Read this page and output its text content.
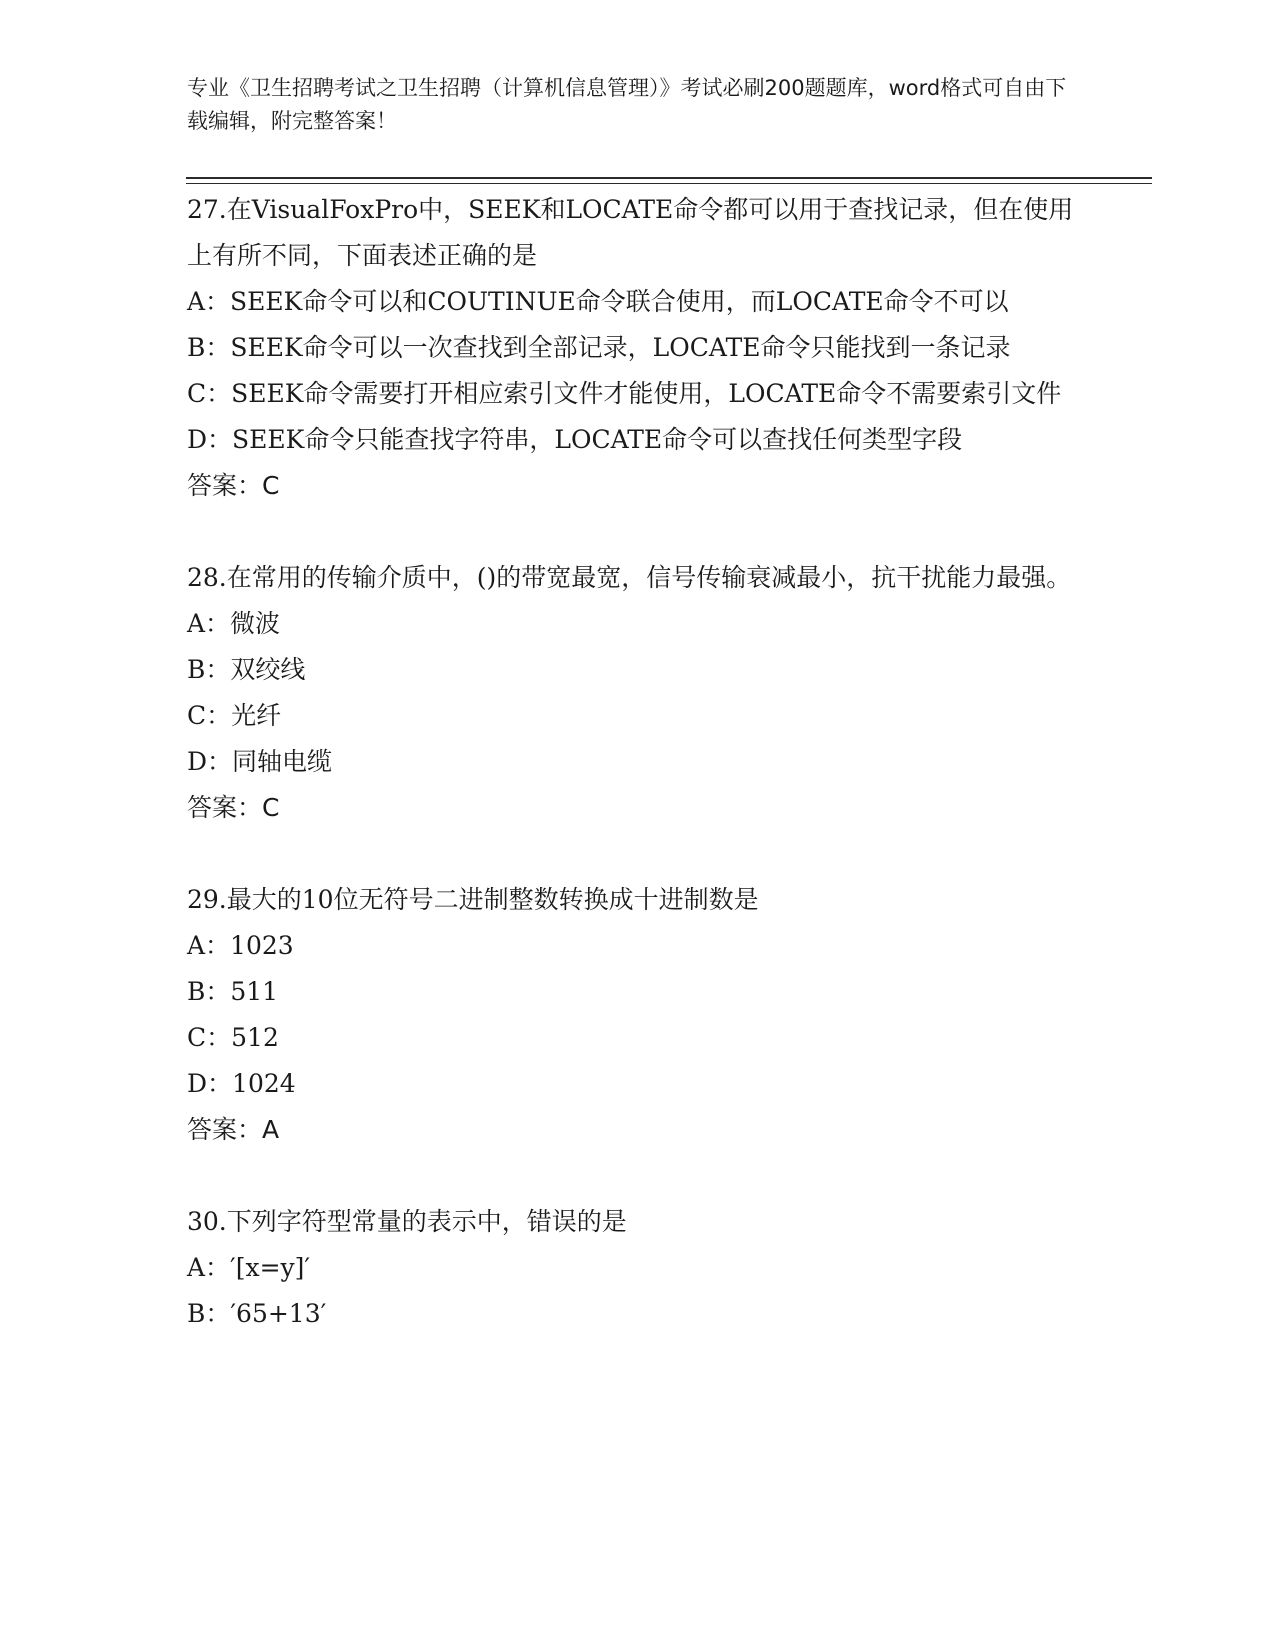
专业《卫生招聘考试之卫生招聘（计算机信息管理）》考试必刷200题题库，word格式可自由下载编辑，附完整答案！

27.在VisualFoxPro中，SEEK和LOCATE命令都可以用于查找记录，但在使用上有所不同，下面表述正确的是

A：SEEK命令可以和COUTINUE命令联合使用，而LOCATE命令不可以

B：SEEK命令可以一次查找到全部记录，LOCATE命令只能找到一条记录

C：SEEK命令需要打开相应索引文件才能使用，LOCATE命令不需要索引文件

D：SEEK命令只能查找字符串，LOCATE命令可以查找任何类型字段

答案：C

28.在常用的传输介质中，()的带宽最宽，信号传输衰减最小，抗干扰能力最强。

A：微波

B：双绞线

C：光纤

D：同轴电缆

答案：C

29.最大的10位无符号二进制整数转换成十进制数是

A：1023

B：511

C：512

D：1024

答案：A

30.下列字符型常量的表示中，错误的是

A：′[x=y]′

B：′65+13′
